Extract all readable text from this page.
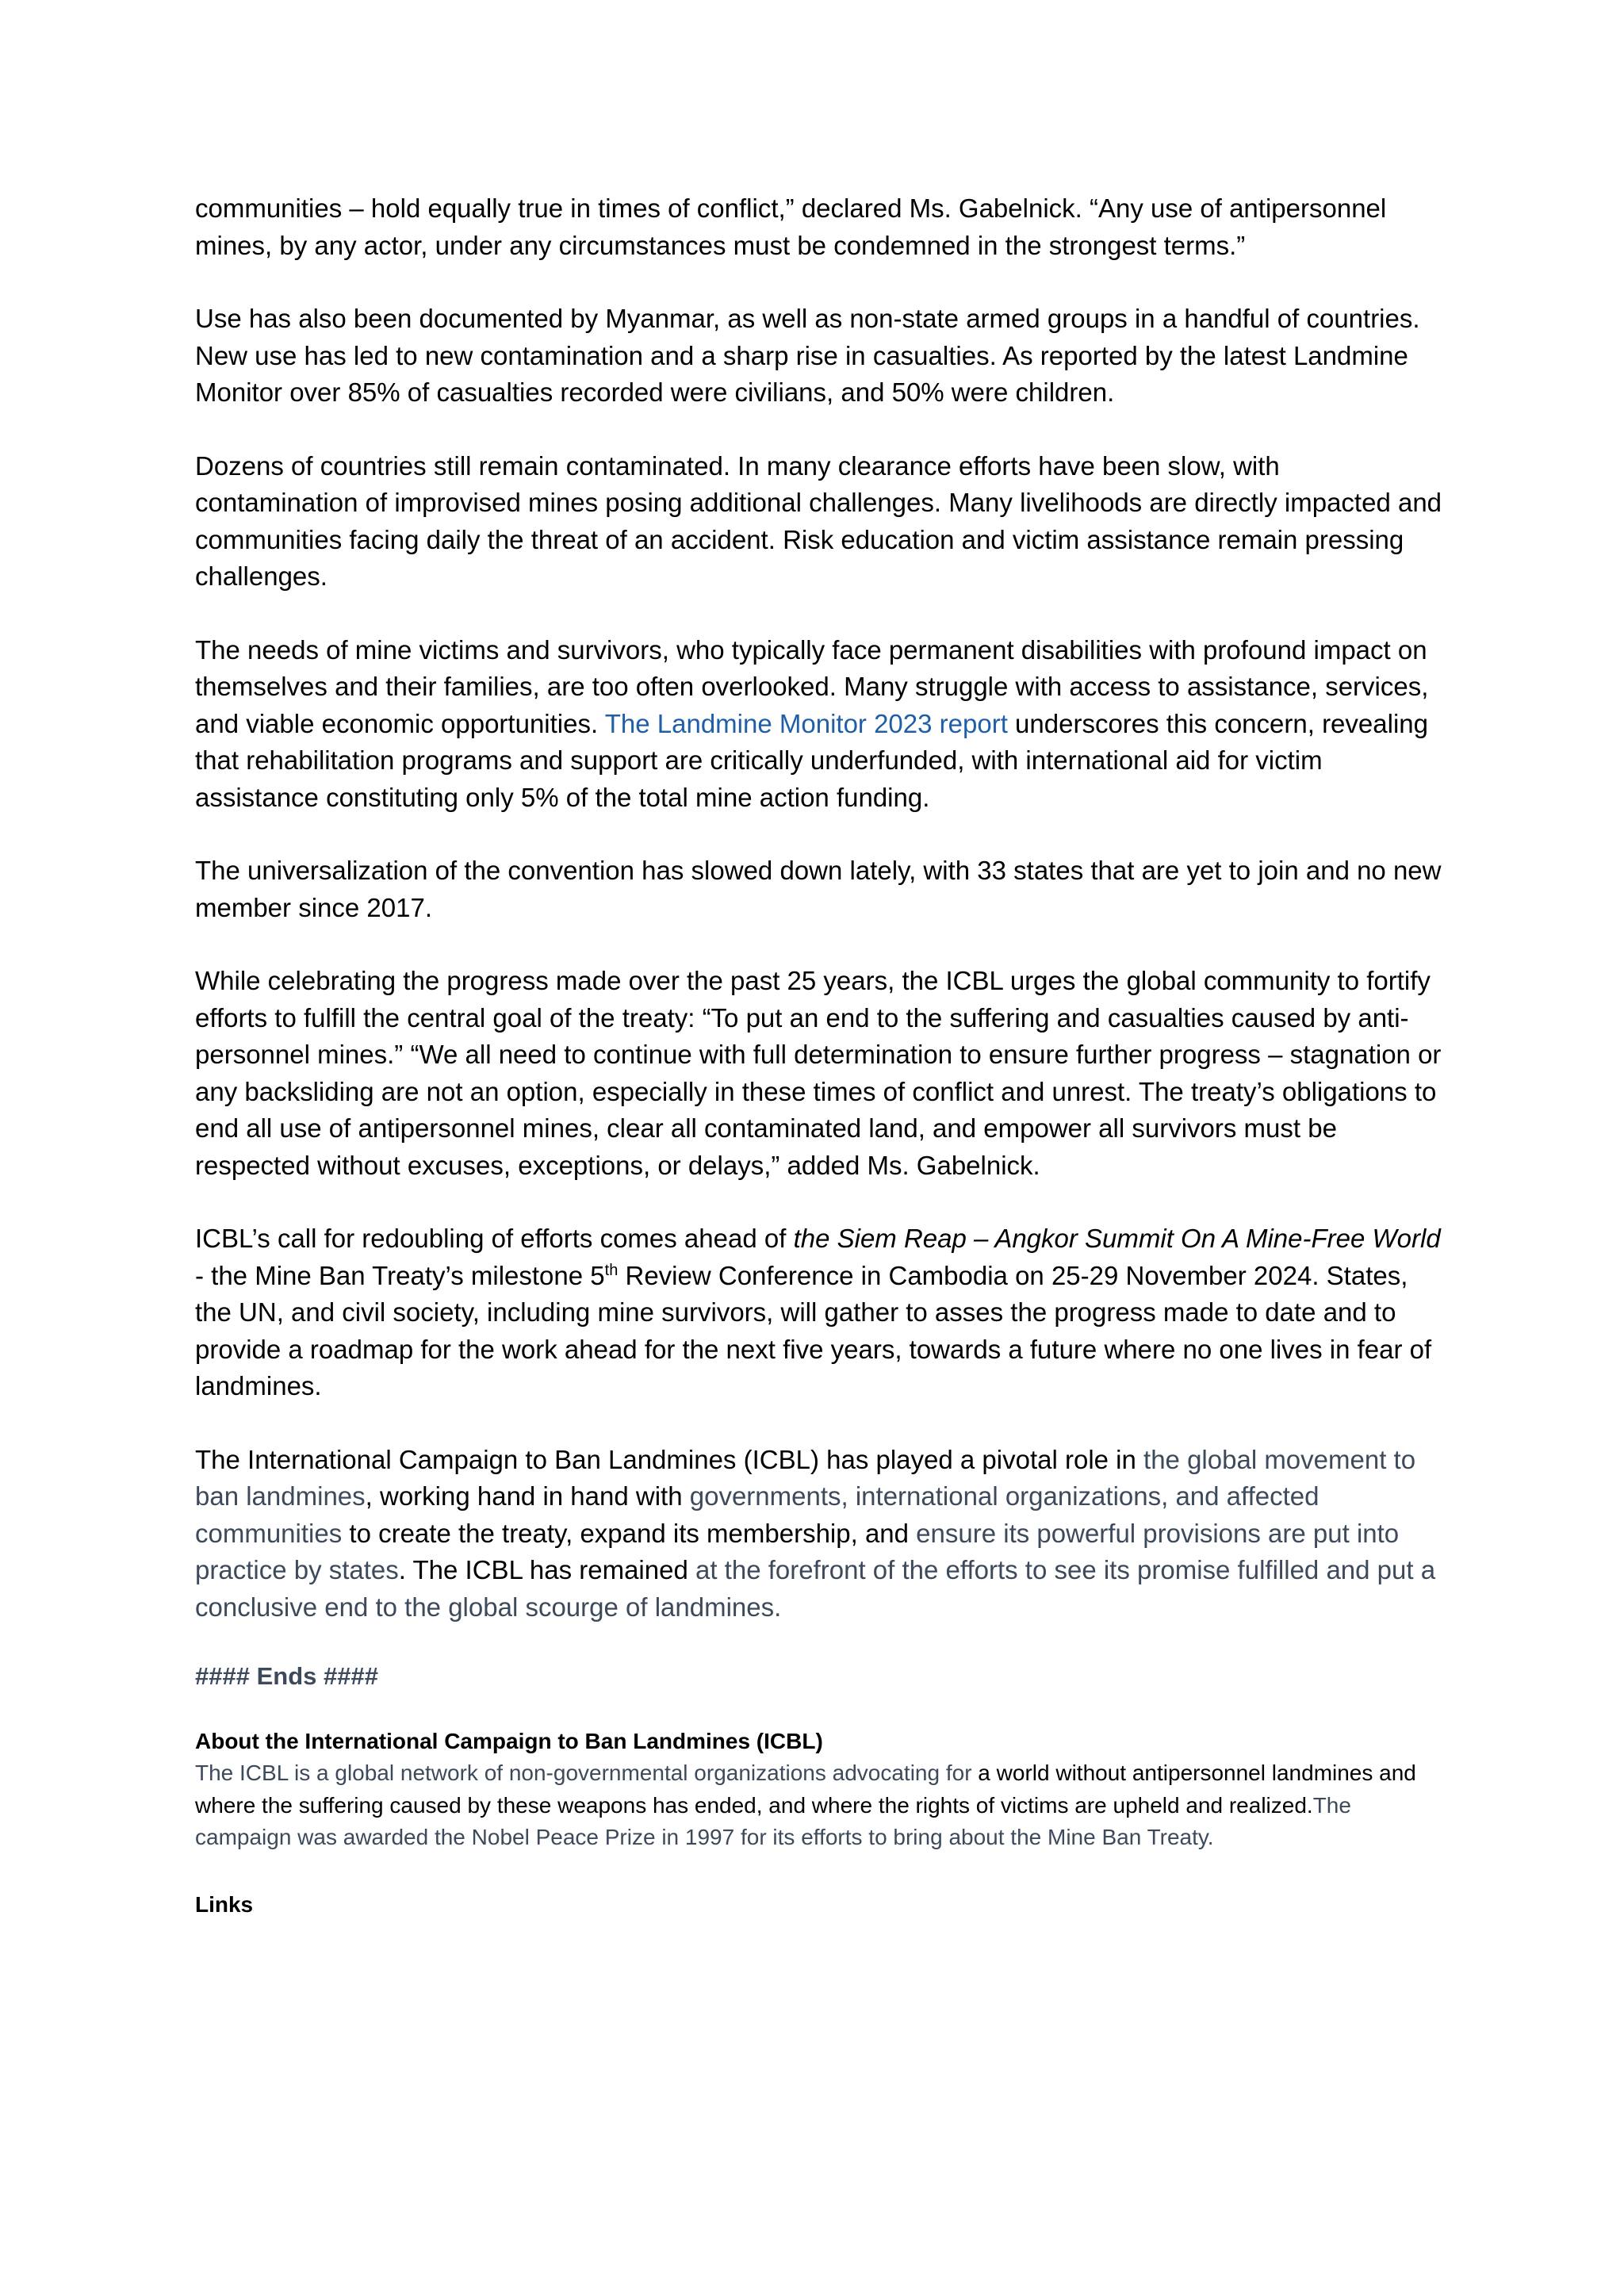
communities – hold equally true in times of conflict,” declared Ms. Gabelnick. “Any use of antipersonnel mines, by any actor, under any circumstances must be condemned in the strongest terms.”

Use has also been documented by Myanmar, as well as non-state armed groups in a handful of countries. New use has led to new contamination and a sharp rise in casualties. As reported by the latest Landmine Monitor over 85% of casualties recorded were civilians, and 50% were children.

Dozens of countries still remain contaminated. In many clearance efforts have been slow, with contamination of improvised mines posing additional challenges. Many livelihoods are directly impacted and communities facing daily the threat of an accident. Risk education and victim assistance remain pressing challenges.

The needs of mine victims and survivors, who typically face permanent disabilities with profound impact on themselves and their families, are too often overlooked. Many struggle with access to assistance, services, and viable economic opportunities. The Landmine Monitor 2023 report underscores this concern, revealing that rehabilitation programs and support are critically underfunded, with international aid for victim assistance constituting only 5% of the total mine action funding.

The universalization of the convention has slowed down lately, with 33 states that are yet to join and no new member since 2017.

While celebrating the progress made over the past 25 years, the ICBL urges the global community to fortify efforts to fulfill the central goal of the treaty: “To put an end to the suffering and casualties caused by anti-personnel mines.” “We all need to continue with full determination to ensure further progress – stagnation or any backsliding are not an option, especially in these times of conflict and unrest. The treaty’s obligations to end all use of antipersonnel mines, clear all contaminated land, and empower all survivors must be respected without excuses, exceptions, or delays,” added Ms. Gabelnick.

ICBL’s call for redoubling of efforts comes ahead of the Siem Reap – Angkor Summit On A Mine-Free World - the Mine Ban Treaty’s milestone 5th Review Conference in Cambodia on 25-29 November 2024. States, the UN, and civil society, including mine survivors, will gather to asses the progress made to date and to provide a roadmap for the work ahead for the next five years, towards a future where no one lives in fear of landmines.

The International Campaign to Ban Landmines (ICBL) has played a pivotal role in the global movement to ban landmines, working hand in hand with governments, international organizations, and affected communities to create the treaty, expand its membership, and ensure its powerful provisions are put into practice by states. The ICBL has remained at the forefront of the efforts to see its promise fulfilled and put a conclusive end to the global scourge of landmines.

#### Ends ####

About the International Campaign to Ban Landmines (ICBL)

The ICBL is a global network of non-governmental organizations advocating for a world without antipersonnel landmines and where the suffering caused by these weapons has ended, and where the rights of victims are upheld and realized.The campaign was awarded the Nobel Peace Prize in 1997 for its efforts to bring about the Mine Ban Treaty.

Links
